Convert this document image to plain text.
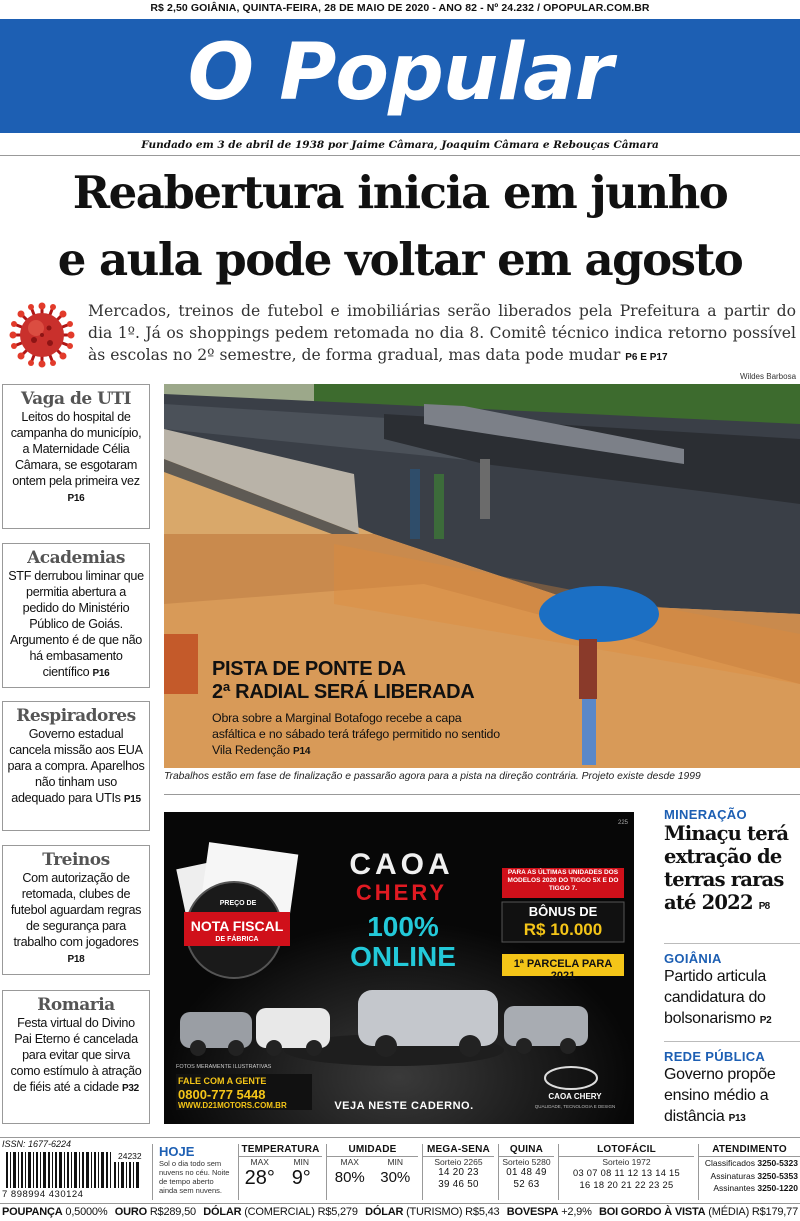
R$ 2,50 GOIÂNIA, QUINTA-FEIRA, 28 DE MAIO DE 2020 - ANO 82 - Nº 24.232 / OPOPULAR.COM.BR
O Popular
Fundado em 3 de abril de 1938 por Jaime Câmara, Joaquim Câmara e Rebouças Câmara
Reabertura inicia em junho
e aula pode voltar em agosto
Mercados, treinos de futebol e imobiliárias serão liberados pela Prefeitura a partir do dia 1º. Já os shoppings pedem retomada no dia 8. Comitê técnico indica retorno possível às escolas no 2º semestre, de forma gradual, mas data pode mudar P6 E P17
Vaga de UTI
Leitos do hospital de campanha do município, a Maternidade Célia Câmara, se esgotaram ontem pela primeira vez P16
Academias
STF derrubou liminar que permitia abertura a pedido do Ministério Público de Goiás. Argumento é de que não há embasamento científico P16
Respiradores
Governo estadual cancela missão aos EUA para a compra. Aparelhos não tinham uso adequado para UTIs P15
Treinos
Com autorização de retomada, clubes de futebol aguardam regras de segurança para trabalho com jogadores P18
Romaria
Festa virtual do Divino Pai Eterno é cancelada para evitar que sirva como estímulo à atração de fiéis até a cidade P32
Wildes Barbosa
PISTA DE PONTE DA
2ª RADIAL SERÁ LIBERADA
Obra sobre a Marginal Botafogo recebe a capa asfáltica e no sábado terá tráfego permitido no sentido Vila Redenção P14
Trabalhos estão em fase de finalização e passarão agora para a pista na direção contrária. Projeto existe desde 1999
CAOA
CHERY
100% ONLINE
PARA AS ÚLTIMAS UNIDADES DOS MODELOS 2020 DO TIGGO 5X E DO TIGGO 7.
BÔNUS DE
R$ 10.000
1ª PARCELA PARA 2021
PREÇO DE
NOTA FISCAL
DE FÁBRICA
FOTOS MERAMENTE ILUSTRATIVAS
FALE COM A GENTE
0800-777 5448
WWW.D21MOTORS.COM.BR	VEJA NESTE CADERNO.
CAOA CHERY
QUALIDADE, TECNOLOGIA E DESIGN
225
MINERAÇÃO
Minaçu terá extração de terras raras até 2022 P8
GOIÂNIA
Partido articula candidatura do bolsonarismo P2
REDE PÚBLICA
Governo propõe ensino médio a distância P13
ISSN: 1677-6224
7 898994 430124
24232 HOJE
Sol o dia todo sem nuvens no céu. Noite de tempo aberto ainda sem nuvens.
TEMPERATURA
MAX
28°
MIN
9°
UMIDADE
MAX
80%
MIN
30%
MEGA-SENA
Sorteio 2265
14 20 23
39 46 50
QUINA
Sorteio 5280
01 48 49
52 63
LOTOFÁCIL
Sorteio 1972
03 07 08 11 12 13 14 15
16 18 20 21 22 23 25
ATENDIMENTO
Classificados 3250-5323
Assinaturas 3250-5353
Assinantes 3250-1220
POUPANÇA 0,5000% OURO R$289,50 DÓLAR (COMERCIAL) R$5,279 DÓLAR (TURISMO) R$5,43 BOVESPA +2,9% BOI GORDO À VISTA (MÉDIA) R$179,77
